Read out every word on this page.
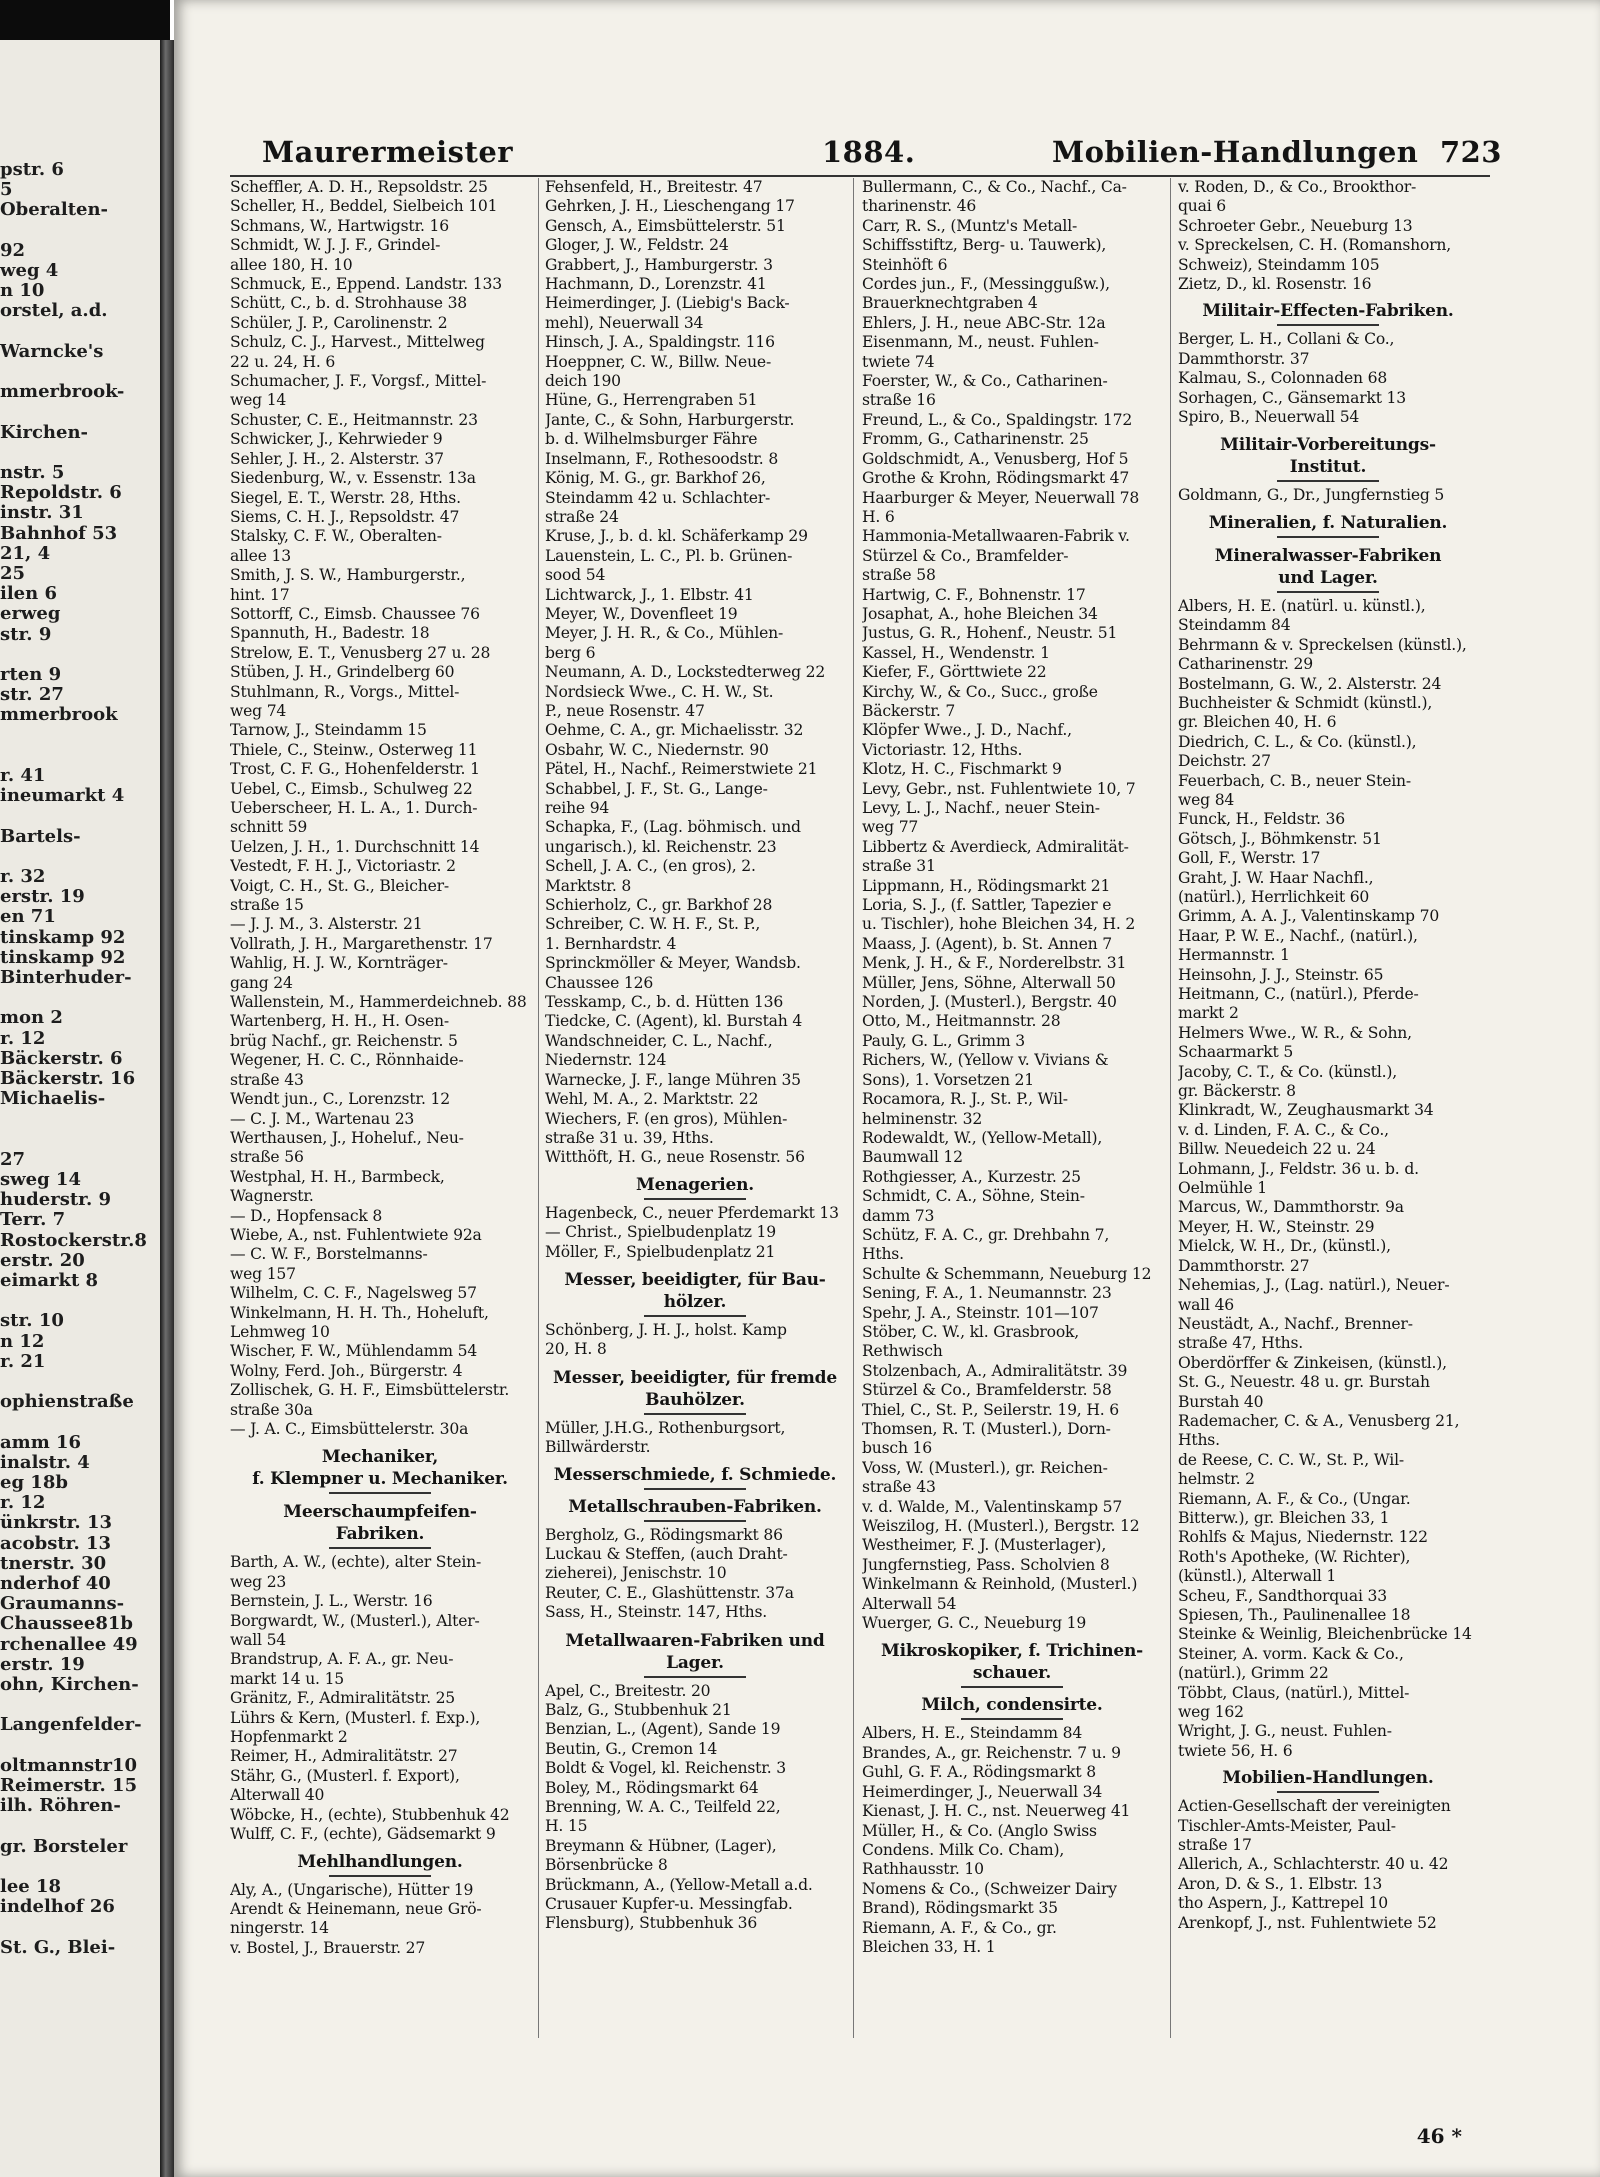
pstr. 6
5
Oberalten-
92
weg 4
n 10
orstel, a.d.
Warncke's
mmerbrook-
Kirchen-
nstr. 5
Repoldstr. 6
instr. 31
Bahnhof 53
21, 4
25
ilen 6
erweg
str. 9
rten 9
str. 27
mmerbrook
r. 41
ineumarkt 4
Bartels-
r. 32
erstr. 19
en 71
tinskamp 92
tinskamp 92
Binterhuder-
mon 2
r. 12
Bäckerstr. 6
Bäckerstr. 16
Michaelis-
27
sweg 14
huderstr. 9
Terr. 7
Rostockerstr.8
erstr. 20
eimarkt 8
str. 10
n 12
r. 21
ophienstraße
amm 16
inalstr. 4
eg 18b
r. 12
ünkrstr. 13
acobstr. 13
tnerstr. 30
nderhof 40
Graumanns-
Chaussee81b
rchenallee 49
erstr. 19
ohn, Kirchen-
Langenfelder-
oltmannstr10
Reimerstr. 15
ilh. Röhren-
gr. Borsteler
lee 18
indelhof 26
St. G., Blei-
Maurermeister	1884.	Mobilien-Handlungen 723
Scheffler, A. D. H., Repsoldstr. 25
Scheller, H., Beddel, Sielbeich 101
Schmans, W., Hartwigstr. 16
Schmidt, W. J. J. F., Grindel-
allee 180, H. 10
Schmuck, E., Eppend. Landstr. 133
Schütt, C., b. d. Strohhause 38
Schüler, J. P., Carolinenstr. 2
Schulz, C. J., Harvest., Mittelweg
22 u. 24, H. 6
Schumacher, J. F., Vorgsf., Mittel-
weg 14
Schuster, C. E., Heitmannstr. 23
Schwicker, J., Kehrwieder 9
Sehler, J. H., 2. Alsterstr. 37
Siedenburg, W., v. Essenstr. 13a
Siegel, E. T., Werstr. 28, Hths.
Siems, C. H. J., Repsoldstr. 47
Stalsky, C. F. W., Oberalten-
allee 13
Smith, J. S. W., Hamburgerstr.,
hint. 17
Sottorff, C., Eimsb. Chaussee 76
Spannuth, H., Badestr. 18
Strelow, E. T., Venusberg 27 u. 28
Stüben, J. H., Grindelberg 60
Stuhlmann, R., Vorgs., Mittel-
weg 74
Tarnow, J., Steindamm 15
Thiele, C., Steinw., Osterweg 11
Trost, C. F. G., Hohenfelderstr. 1
Uebel, C., Eimsb., Schulweg 22
Ueberscheer, H. L. A., 1. Durch-
schnitt 59
Uelzen, J. H., 1. Durchschnitt 14
Vestedt, F. H. J., Victoriastr. 2
Voigt, C. H., St. G., Bleicher-
straße 15
— J. J. M., 3. Alsterstr. 21
Vollrath, J. H., Margarethenstr. 17
Wahlig, H. J. W., Kornträger-
gang 24
Wallenstein, M., Hammerdeichneb. 88
Wartenberg, H. H., H. Osen-
brüg Nachf., gr. Reichenstr. 5
Wegener, H. C. C., Rönnhaide-
straße 43
Wendt jun., C., Lorenzstr. 12
— C. J. M., Wartenau 23
Werthausen, J., Hoheluf., Neu-
straße 56
Westphal, H. H., Barmbeck,
Wagnerstr.
— D., Hopfensack 8
Wiebe, A., nst. Fuhlentwiete 92a
— C. W. F., Borstelmanns-
weg 157
Wilhelm, C. C. F., Nagelsweg 57
Winkelmann, H. H. Th., Hoheluft,
Lehmweg 10
Wischer, F. W., Mühlendamm 54
Wolny, Ferd. Joh., Bürgerstr. 4
Zollischek, G. H. F., Eimsbüttelerstr.
straße 30a
— J. A. C., Eimsbüttelerstr. 30a
Mechaniker,
f. Klempner u. Mechaniker.
Meerschaumpfeifen-
Fabriken.
Barth, A. W., (echte), alter Stein-
weg 23
Bernstein, J. L., Werstr. 16
Borgwardt, W., (Musterl.), Alter-
wall 54
Brandstrup, A. F. A., gr. Neu-
markt 14 u. 15
Gränitz, F., Admiralitätstr. 25
Lührs & Kern, (Musterl. f. Exp.),
Hopfenmarkt 2
Reimer, H., Admiralitätstr. 27
Stähr, G., (Musterl. f. Export),
Alterwall 40
Wöbcke, H., (echte), Stubbenhuk 42
Wulff, C. F., (echte), Gädsemarkt 9
Mehlhandlungen.
Aly, A., (Ungarische), Hütter 19
Arendt & Heinemann, neue Grö-
ningerstr. 14
v. Bostel, J., Brauerstr. 27
Fehsenfeld, H., Breitestr. 47
Gehrken, J. H., Lieschengang 17
Gensch, A., Eimsbüttelerstr. 51
Gloger, J. W., Feldstr. 24
Grabbert, J., Hamburgerstr. 3
Hachmann, D., Lorenzstr. 41
Heimerdinger, J. (Liebig's Back-
mehl), Neuerwall 34
Hinsch, J. A., Spaldingstr. 116
Hoeppner, C. W., Billw. Neue-
deich 190
Hüne, G., Herrengraben 51
Jante, C., & Sohn, Harburgerstr.
b. d. Wilhelmsburger Fähre
Inselmann, F., Rothesoodstr. 8
König, M. G., gr. Barkhof 26,
Steindamm 42 u. Schlachter-
straße 24
Kruse, J., b. d. kl. Schäferkamp 29
Lauenstein, L. C., Pl. b. Grünen-
sood 54
Lichtwarck, J., 1. Elbstr. 41
Meyer, W., Dovenfleet 19
Meyer, J. H. R., & Co., Mühlen-
berg 6
Neumann, A. D., Lockstedterweg 22
Nordsieck Wwe., C. H. W., St.
P., neue Rosenstr. 47
Oehme, C. A., gr. Michaelisstr. 32
Osbahr, W. C., Niedernstr. 90
Pätel, H., Nachf., Reimerstwiete 21
Schabbel, J. F., St. G., Lange-
reihe 94
Schapka, F., (Lag. böhmisch. und
ungarisch.), kl. Reichenstr. 23
Schell, J. A. C., (en gros), 2.
Marktstr. 8
Schierholz, C., gr. Barkhof 28
Schreiber, C. W. H. F., St. P.,
1. Bernhardstr. 4
Sprinckmöller & Meyer, Wandsb.
Chaussee 126
Tesskamp, C., b. d. Hütten 136
Tiedcke, C. (Agent), kl. Burstah 4
Wandschneider, C. L., Nachf.,
Niedernstr. 124
Warnecke, J. F., lange Mühren 35
Wehl, M. A., 2. Marktstr. 22
Wiechers, F. (en gros), Mühlen-
straße 31 u. 39, Hths.
Witthöft, H. G., neue Rosenstr. 56
Menagerien.
Hagenbeck, C., neuer Pferdemarkt 13
— Christ., Spielbudenplatz 19
Möller, F., Spielbudenplatz 21
Messer, beeidigter, für Bau-
hölzer.
Schönberg, J. H. J., holst. Kamp
20, H. 8
Messer, beeidigter, für fremde
Bauhölzer.
Müller, J.H.G., Rothenburgsort,
Billwärderstr.
Messerschmiede, f. Schmiede.
Metallschrauben-Fabriken.
Bergholz, G., Rödingsmarkt 86
Luckau & Steffen, (auch Draht-
zieherei), Jenischstr. 10
Reuter, C. E., Glashüttenstr. 37a
Sass, H., Steinstr. 147, Hths.
Metallwaaren-Fabriken und
Lager.
Apel, C., Breitestr. 20
Balz, G., Stubbenhuk 21
Benzian, L., (Agent), Sande 19
Beutin, G., Cremon 14
Boldt & Vogel, kl. Reichenstr. 3
Boley, M., Rödingsmarkt 64
Brenning, W. A. C., Teilfeld 22,
H. 15
Breymann & Hübner, (Lager),
Börsenbrücke 8
Brückmann, A., (Yellow-Metall a.d.
Crusauer Kupfer-u. Messingfab.
Flensburg), Stubbenhuk 36
Bullermann, C., & Co., Nachf., Ca-
tharinenstr. 46
Carr, R. S., (Muntz's Metall-
Schiffsstiftz, Berg- u. Tauwerk),
Steinhöft 6
Cordes jun., F., (Messinggußw.),
Brauerknechtgraben 4
Ehlers, J. H., neue ABC-Str. 12a
Eisenmann, M., neust. Fuhlen-
twiete 74
Foerster, W., & Co., Catharinen-
straße 16
Freund, L., & Co., Spaldingstr. 172
Fromm, G., Catharinenstr. 25
Goldschmidt, A., Venusberg, Hof 5
Grothe & Krohn, Rödingsmarkt 47
Haarburger & Meyer, Neuerwall 78
H. 6
Hammonia-Metallwaaren-Fabrik v.
Stürzel & Co., Bramfelder-
straße 58
Hartwig, C. F., Bohnenstr. 17
Josaphat, A., hohe Bleichen 34
Justus, G. R., Hohenf., Neustr. 51
Kassel, H., Wendenstr. 1
Kiefer, F., Görttwiete 22
Kirchy, W., & Co., Succ., große
Bäckerstr. 7
Klöpfer Wwe., J. D., Nachf.,
Victoriastr. 12, Hths.
Klotz, H. C., Fischmarkt 9
Levy, Gebr., nst. Fuhlentwiete 10, 7
Levy, L. J., Nachf., neuer Stein-
weg 77
Libbertz & Averdieck, Admiralität-
straße 31
Lippmann, H., Rödingsmarkt 21
Loria, S. J., (f. Sattler, Tapezier e
u. Tischler), hohe Bleichen 34, H. 2
Maass, J. (Agent), b. St. Annen 7
Menk, J. H., & F., Norderelbstr. 31
Müller, Jens, Söhne, Alterwall 50
Norden, J. (Musterl.), Bergstr. 40
Otto, M., Heitmannstr. 28
Pauly, G. L., Grimm 3
Richers, W., (Yellow v. Vivians &
Sons), 1. Vorsetzen 21
Rocamora, R. J., St. P., Wil-
helminenstr. 32
Rodewaldt, W., (Yellow-Metall),
Baumwall 12
Rothgiesser, A., Kurzestr. 25
Schmidt, C. A., Söhne, Stein-
damm 73
Schütz, F. A. C., gr. Drehbahn 7,
Hths.
Schulte & Schemmann, Neueburg 12
Sening, F. A., 1. Neumannstr. 23
Spehr, J. A., Steinstr. 101—107
Stöber, C. W., kl. Grasbrook,
Rethwisch
Stolzenbach, A., Admiralitätstr. 39
Stürzel & Co., Bramfelderstr. 58
Thiel, C., St. P., Seilerstr. 19, H. 6
Thomsen, R. T. (Musterl.), Dorn-
busch 16
Voss, W. (Musterl.), gr. Reichen-
straße 43
v. d. Walde, M., Valentinskamp 57
Weiszilog, H. (Musterl.), Bergstr. 12
Westheimer, F. J. (Musterlager),
Jungfernstieg, Pass. Scholvien 8
Winkelmann & Reinhold, (Musterl.)
Alterwall 54
Wuerger, G. C., Neueburg 19
Mikroskopiker, f. Trichinen-
schauer.
Milch, condensirte.
Albers, H. E., Steindamm 84
Brandes, A., gr. Reichenstr. 7 u. 9
Guhl, G. F. A., Rödingsmarkt 8
Heimerdinger, J., Neuerwall 34
Kienast, J. H. C., nst. Neuerweg 41
Müller, H., & Co. (Anglo Swiss
Condens. Milk Co. Cham),
Rathhausstr. 10
Nomens & Co., (Schweizer Dairy
Brand), Rödingsmarkt 35
Riemann, A. F., & Co., gr.
Bleichen 33, H. 1
v. Roden, D., & Co., Brookthor-
quai 6
Schroeter Gebr., Neueburg 13
v. Spreckelsen, C. H. (Romanshorn,
Schweiz), Steindamm 105
Zietz, D., kl. Rosenstr. 16
Militair-Effecten-Fabriken.
Berger, L. H., Collani & Co.,
Dammthorstr. 37
Kalmau, S., Colonnaden 68
Sorhagen, C., Gänsemarkt 13
Spiro, B., Neuerwall 54
Militair-Vorbereitungs-
Institut.
Goldmann, G., Dr., Jungfernstieg 5
Mineralien, f. Naturalien.
Mineralwasser-Fabriken
und Lager.
Albers, H. E. (natürl. u. künstl.),
Steindamm 84
Behrmann & v. Spreckelsen (künstl.),
Catharinenstr. 29
Bostelmann, G. W., 2. Alsterstr. 24
Buchheister & Schmidt (künstl.),
gr. Bleichen 40, H. 6
Diedrich, C. L., & Co. (künstl.),
Deichstr. 27
Feuerbach, C. B., neuer Stein-
weg 84
Funck, H., Feldstr. 36
Götsch, J., Böhmkenstr. 51
Goll, F., Werstr. 17
Graht, J. W. Haar Nachfl.,
(natürl.), Herrlichkeit 60
Grimm, A. A. J., Valentinskamp 70
Haar, P. W. E., Nachf., (natürl.),
Hermannstr. 1
Heinsohn, J. J., Steinstr. 65
Heitmann, C., (natürl.), Pferde-
markt 2
Helmers Wwe., W. R., & Sohn,
Schaarmarkt 5
Jacoby, C. T., & Co. (künstl.),
gr. Bäckerstr. 8
Klinkradt, W., Zeughausmarkt 34
v. d. Linden, F. A. C., & Co.,
Billw. Neuedeich 22 u. 24
Lohmann, J., Feldstr. 36 u. b. d.
Oelmühle 1
Marcus, W., Dammthorstr. 9a
Meyer, H. W., Steinstr. 29
Mielck, W. H., Dr., (künstl.),
Dammthorstr. 27
Nehemias, J., (Lag. natürl.), Neuer-
wall 46
Neustädt, A., Nachf., Brenner-
straße 47, Hths.
Oberdörffer & Zinkeisen, (künstl.),
St. G., Neuestr. 48 u. gr. Burstah
Burstah 40
Rademacher, C. & A., Venusberg 21,
Hths.
de Reese, C. C. W., St. P., Wil-
helmstr. 2
Riemann, A. F., & Co., (Ungar.
Bitterw.), gr. Bleichen 33, 1
Rohlfs & Majus, Niedernstr. 122
Roth's Apotheke, (W. Richter),
(künstl.), Alterwall 1
Scheu, F., Sandthorquai 33
Spiesen, Th., Paulinenallee 18
Steinke & Weinlig, Bleichenbrücke 14
Steiner, A. vorm. Kack & Co.,
(natürl.), Grimm 22
Többt, Claus, (natürl.), Mittel-
weg 162
Wright, J. G., neust. Fuhlen-
twiete 56, H. 6
Mobilien-Handlungen.
Actien-Gesellschaft der vereinigten
Tischler-Amts-Meister, Paul-
straße 17
Allerich, A., Schlachterstr. 40 u. 42
Aron, D. & S., 1. Elbstr. 13
tho Aspern, J., Kattrepel 10
Arenkopf, J., nst. Fuhlentwiete 52
46 *
